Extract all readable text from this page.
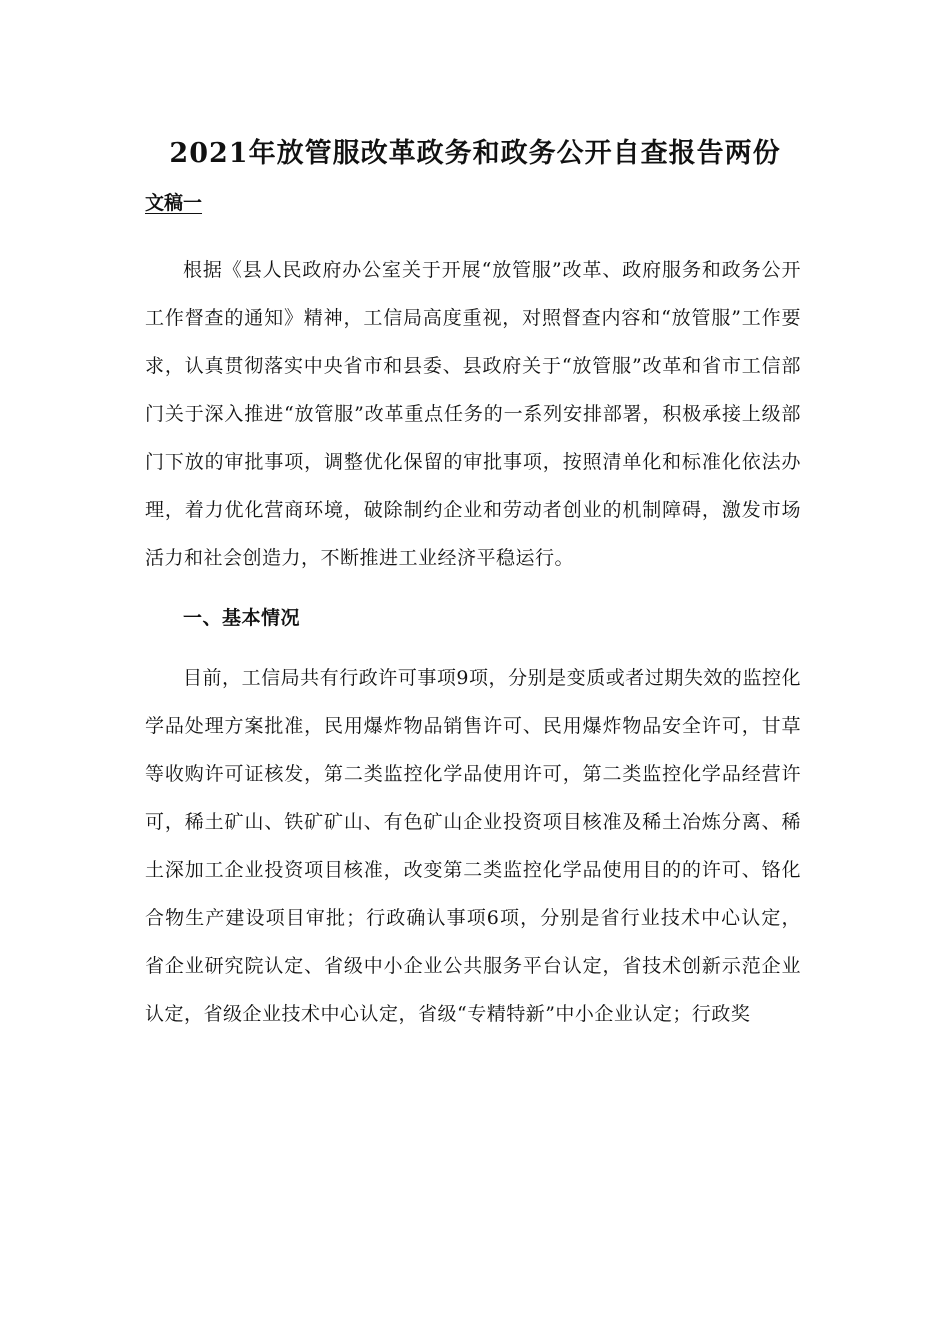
2021年放管服改革政务和政务公开自查报告两份
文稿一

根据《县人民政府办公室关于开展“放管服”改革、政府服务和政务公开工作督查的通知》精神，工信局高度重视，对照督查内容和“放管服”工作要求，认真贯彻落实中央省市和县委、县政府关于“放管服”改革和省市工信部门关于深入推进“放管服”改革重点任务的一系列安排部署，积极承接上级部门下放的审批事项，调整优化保留的审批事项，按照清单化和标准化依法办理，着力优化营商环境，破除制约企业和劳动者创业的机制障碍，激发市场活力和社会创造力，不断推进工业经济平稳运行。

一、基本情况

目前，工信局共有行政许可事项9项，分别是变质或者过期失效的监控化学品处理方案批准，民用爆炸物品销售许可、民用爆炸物品安全许可，甘草等收购许可证核发，第二类监控化学品使用许可，第二类监控化学品经营许可，稀土矿山、铁矿矿山、有色矿山企业投资项目核准及稀土冶炼分离、稀土深加工企业投资项目核准，改变第二类监控化学品使用目的的许可、铬化合物生产建设项目审批；行政确认事项6项，分别是省行业技术中心认定，省企业研究院认定、省级中小企业公共服务平台认定，省技术创新示范企业认定，省级企业技术中心认定，省级“专精特新”中小企业认定；行政奖
